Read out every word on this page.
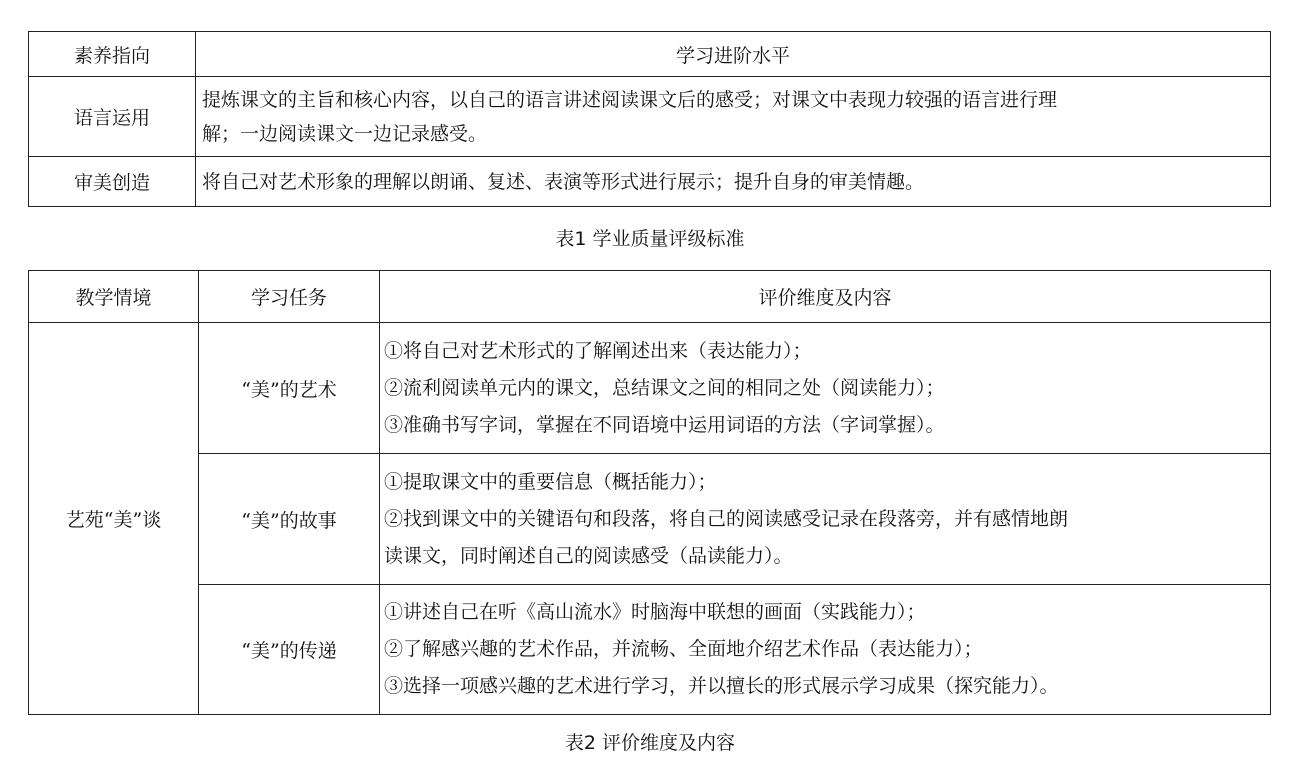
素养指向	学习进阶水平
语言运用	提炼课文的主旨和核心内容，以自己的语言讲述阅读课文后的感受；对课文中表现力较强的语言进行理
解；一边阅读课文一边记录感受。

审美创造	将自己对艺术形象的理解以朗诵、复述、表演等形式进行展示；提升自身的审美情趣。
表1 学业质量评级标准
教学情境	学习任务	评价维度及内容
艺苑“美”谈	“美”的艺术	①将自己对艺术形式的了解阐述出来（表达能力）；
②流利阅读单元内的课文，总结课文之间的相同之处（阅读能力）；
③准确书写字词，掌握在不同语境中运用词语的方法（字词掌握）。

	“美”的故事	①提取课文中的重要信息（概括能力）；
②找到课文中的关键语句和段落，将自己的阅读感受记录在段落旁，并有感情地朗
读课文，同时阐述自己的阅读感受（品读能力）。

	“美”的传递	①讲述自己在听《高山流水》时脑海中联想的画面（实践能力）；
②了解感兴趣的艺术作品，并流畅、全面地介绍艺术作品（表达能力）；
③选择一项感兴趣的艺术进行学习，并以擅长的形式展示学习成果（探究能力）。
表2 评价维度及内容
